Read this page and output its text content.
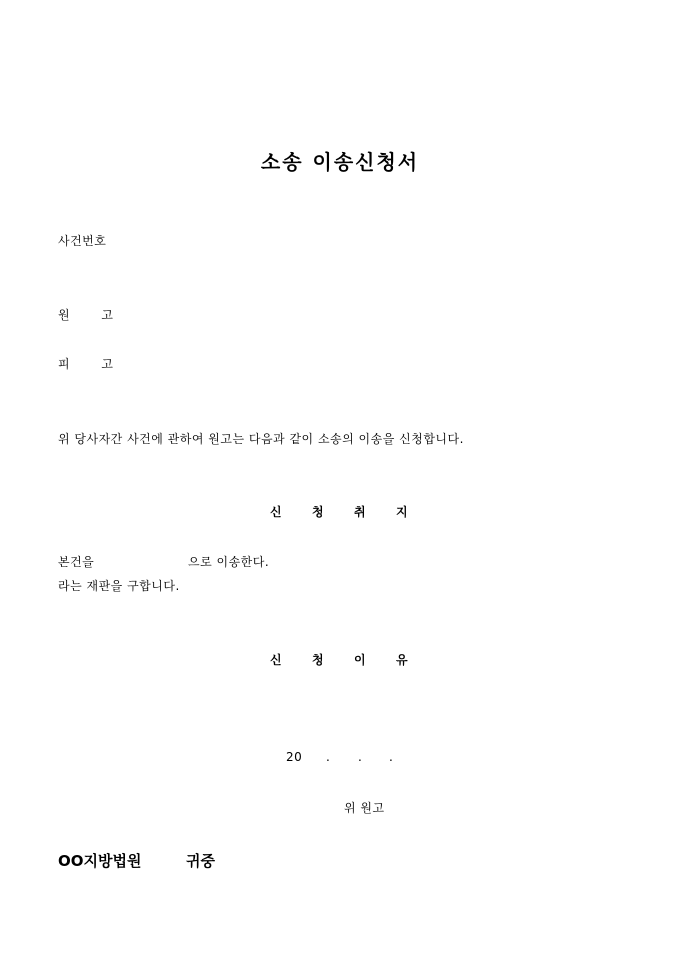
소송 이송신청서
사건번호
원	고
피	고
위 당사자간 사건에 관하여 원고는 다음과 같이 소송의 이송을 신청합니다.
신	청	취	지
본건을	으로 이송한다.
라는 재판을 구합니다.
신	청	이	유
20 . . .
위 원고
OO지방법원	귀중
